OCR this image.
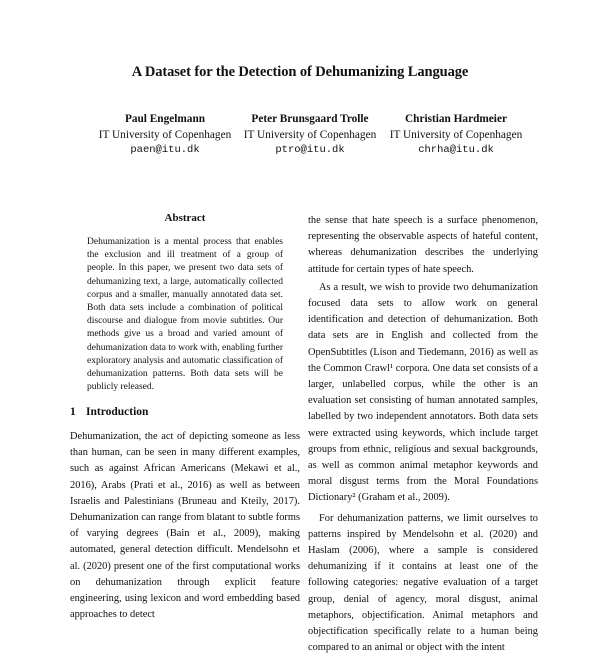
A Dataset for the Detection of Dehumanizing Language
Paul Engelmann
IT University of Copenhagen
paen@itu.dk
Peter Brunsgaard Trolle
IT University of Copenhagen
ptro@itu.dk
Christian Hardmeier
IT University of Copenhagen
chrha@itu.dk
Abstract
Dehumanization is a mental process that enables the exclusion and ill treatment of a group of people. In this paper, we present two data sets of dehumanizing text, a large, automatically collected corpus and a smaller, manually annotated data set. Both data sets include a combination of political discourse and dialogue from movie subtitles. Our methods give us a broad and varied amount of dehumanization data to work with, enabling further exploratory analysis and automatic classification of dehumanization patterns. Both data sets will be publicly released.
1 Introduction

Dehumanization, the act of depicting someone as less than human, can be seen in many different examples, such as against African Americans (Mekawi et al., 2016), Arabs (Prati et al., 2016) as well as between Israelis and Palestinians (Bruneau and Kteily, 2017). Dehumanization can range from blatant to subtle forms of varying degrees (Bain et al., 2009), making automated, general detection difficult. Mendelsohn et al. (2020) present one of the first computational works on dehumanization through explicit feature engineering, using lexicon and word embedding based approaches to detect

the sense that hate speech is a surface phenomenon, representing the observable aspects of hateful content, whereas dehumanization describes the underlying attitude for certain types of hate speech.

As a result, we wish to provide two dehumanization focused data sets to allow work on general identification and detection of dehumanization. Both data sets are in English and collected from the OpenSubtitles (Lison and Tiedemann, 2016) as well as the Common Crawl¹ corpora. One data set consists of a larger, unlabelled corpus, while the other is an evaluation set consisting of human annotated samples, labelled by two independent annotators. Both data sets were extracted using keywords, which include target groups from ethnic, religious and sexual backgrounds, as well as common animal metaphor keywords and moral disgust terms from the Moral Foundations Dictionary² (Graham et al., 2009).

For dehumanization patterns, we limit ourselves to patterns inspired by Mendelsohn et al. (2020) and Haslam (2006), where a sample is considered dehumanizing if it contains at least one of the following categories: negative evaluation of a target group, denial of agency, moral disgust, animal metaphors, objectification. Animal metaphors and objectification specifically relate to a human being compared to an animal or object with the intent
